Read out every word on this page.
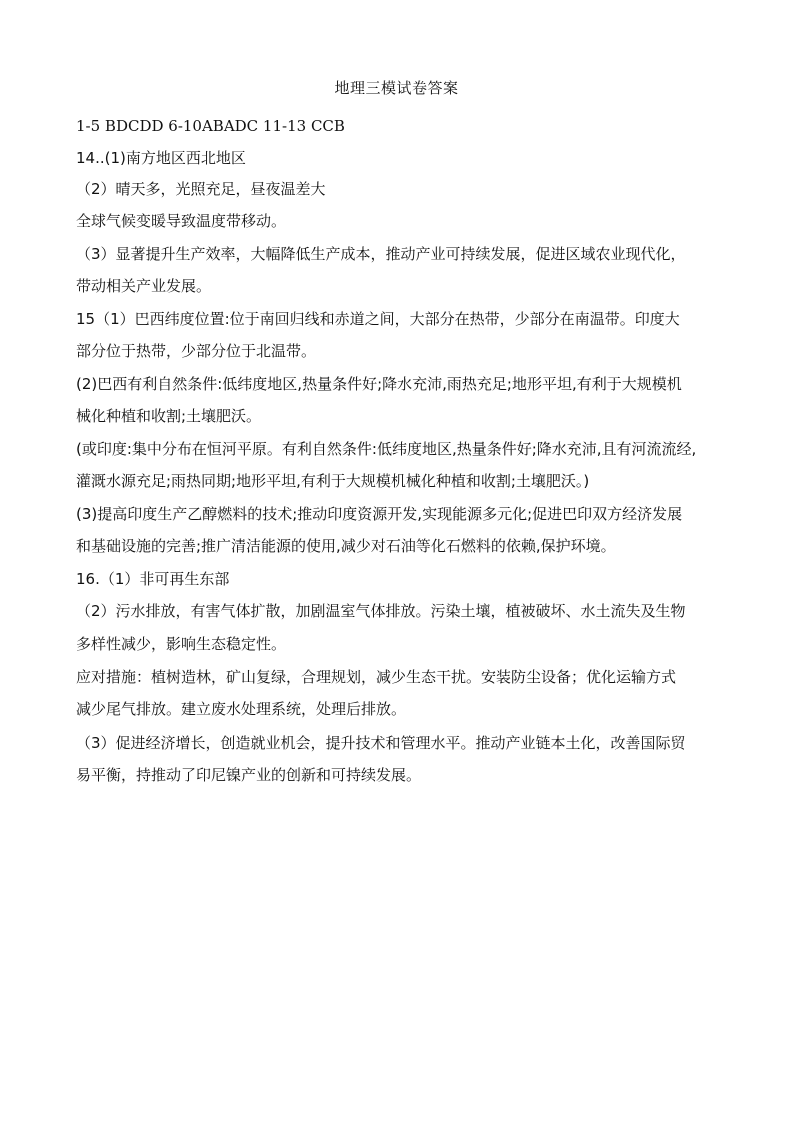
地理三模试卷答案
1-5 BDCDD 6-10ABADC 11-13 CCB
14..(1)南方地区西北地区
（2）晴天多，光照充足，昼夜温差大
全球气候变暖导致温度带移动。
（3）显著提升生产效率，大幅降低生产成本，推动产业可持续发展，促进区域农业现代化，
带动相关产业发展。
15（1）巴西纬度位置:位于南回归线和赤道之间，大部分在热带，少部分在南温带。印度大
部分位于热带，少部分位于北温带。
(2)巴西有利自然条件:低纬度地区,热量条件好;降水充沛,雨热充足;地形平坦,有利于大规模机
械化种植和收割;土壤肥沃。
(或印度:集中分布在恒河平原。有利自然条件:低纬度地区,热量条件好;降水充沛,且有河流流经,
灌溉水源充足;雨热同期;地形平坦,有利于大规模机械化种植和收割;土壤肥沃。)
(3)提高印度生产乙醇燃料的技术;推动印度资源开发,实现能源多元化;促进巴印双方经济发展
和基础设施的完善;推广清洁能源的使用,减少对石油等化石燃料的依赖,保护环境。
16.（1）非可再生东部
（2）污水排放，有害气体扩散，加剧温室气体排放。污染土壤，植被破坏、水土流失及生物
多样性减少，影响生态稳定性。
应对措施：植树造林，矿山复绿，合理规划，减少生态干扰。安装防尘设备；优化运输方式
减少尾气排放。建立废水处理系统，处理后排放。
（3）促进经济增长，创造就业机会，提升技术和管理水平。推动产业链本土化，改善国际贸
易平衡，持推动了印尼镍产业的创新和可持续发展。
